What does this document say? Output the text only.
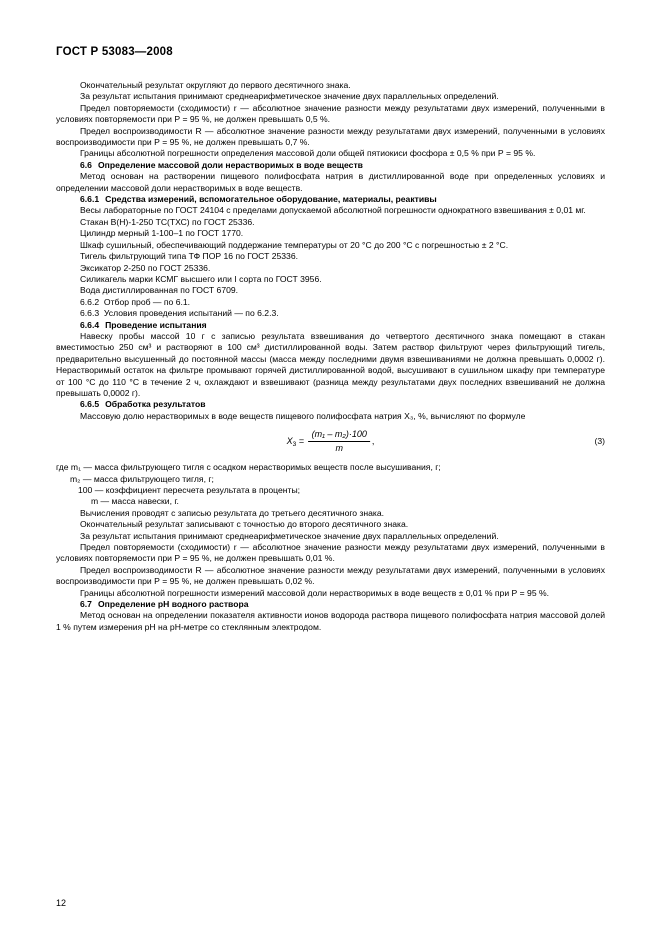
ГОСТ Р 53083—2008

Окончательный результат округляют до первого десятичного знака.

За результат испытания принимают среднеарифметическое значение двух параллельных определений.

Предел повторяемости (сходимости) r — абсолютное значение разности между результатами двух измерений, полученными в условиях повторяемости при Р = 95 %, не должен превышать 0,5 %.

Предел воспроизводимости R — абсолютное значение разности между результатами двух измерений, полученными в условиях воспроизводимости при Р = 95 %, не должен превышать 0,7 %.

Границы абсолютной погрешности определения массовой доли общей пятиокиси фосфора ± 0,5 % при Р = 95 %.

6.6 Определение массовой доли нерастворимых в воде веществ

Метод основан на растворении пищевого полифосфата натрия в дистиллированной воде при определенных условиях и определении массовой доли нерастворимых в воде веществ.

6.6.1 Средства измерений, вспомогательное оборудование, материалы, реактивы

Весы лабораторные по ГОСТ 24104 с пределами допускаемой абсолютной погрешности однократного взвешивания ± 0,01 мг.

Стакан В(Н)-1-250 ТС(ТХС) по ГОСТ 25336.

Цилиндр мерный 1-100–1 по ГОСТ 1770.

Шкаф сушильный, обеспечивающий поддержание температуры от 20 °С до 200 °С с погрешностью ± 2 °С.

Тигель фильтрующий типа ТФ ПОР 16 по ГОСТ 25336.

Эксикатор 2-250 по ГОСТ 25336.

Силикагель марки КСМГ высшего или I сорта по ГОСТ 3956.

Вода дистиллированная по ГОСТ 6709.

6.6.2 Отбор проб — по 6.1.

6.6.3 Условия проведения испытаний — по 6.2.3.

6.6.4 Проведение испытания

Навеску пробы массой 10 г с записью результата взвешивания до четвертого десятичного знака помещают в стакан вместимостью 250 см³ и растворяют в 100 см³ дистиллированной воды. Затем раствор фильтруют через фильтрующий тигель, предварительно высушенный до постоянной массы (масса между последними двумя взвешиваниями не должна превышать 0,0002 г). Нерастворимый остаток на фильтре промывают горячей дистиллированной водой, высушивают в сушильном шкафу при температуре от 100 °С до 110 °С в течение 2 ч, охлаждают и взвешивают (разница между результатами двух последних взвешиваний не должна превышать 0,0002 г).

6.6.5 Обработка результатов

Массовую долю нерастворимых в воде веществ пищевого полифосфата натрия X₃, %, вычисляют по формуле

$X_3 = \frac{\text{(m₁ – m₂)·100}}{m}$ ,	(3)
где m₁ — масса фильтрующего тигля с осадком нерастворимых веществ после высушивания, г;
m₂ — масса фильтрующего тигля, г;
100 — коэффициент пересчета результата в проценты;
m — масса навески, г.

Вычисления проводят с записью результата до третьего десятичного знака.

Окончательный результат записывают с точностью до второго десятичного знака.

За результат испытания принимают среднеарифметическое значение двух параллельных определений.

Предел повторяемости (сходимости) r — абсолютное значение разности между результатами двух измерений, полученными в условиях повторяемости при Р = 95 %, не должен превышать 0,01 %.

Предел воспроизводимости R — абсолютное значение разности между результатами двух измерений, полученными в условиях воспроизводимости при Р = 95 %, не должен превышать 0,02 %.

Границы абсолютной погрешности измерений массовой доли нерастворимых в воде веществ ± 0,01 % при Р = 95 %.

6.7 Определение рН водного раствора

Метод основан на определении показателя активности ионов водорода раствора пищевого полифосфата натрия массовой долей 1 % путем измерения рН на рН-метре со стеклянным электродом.

12
